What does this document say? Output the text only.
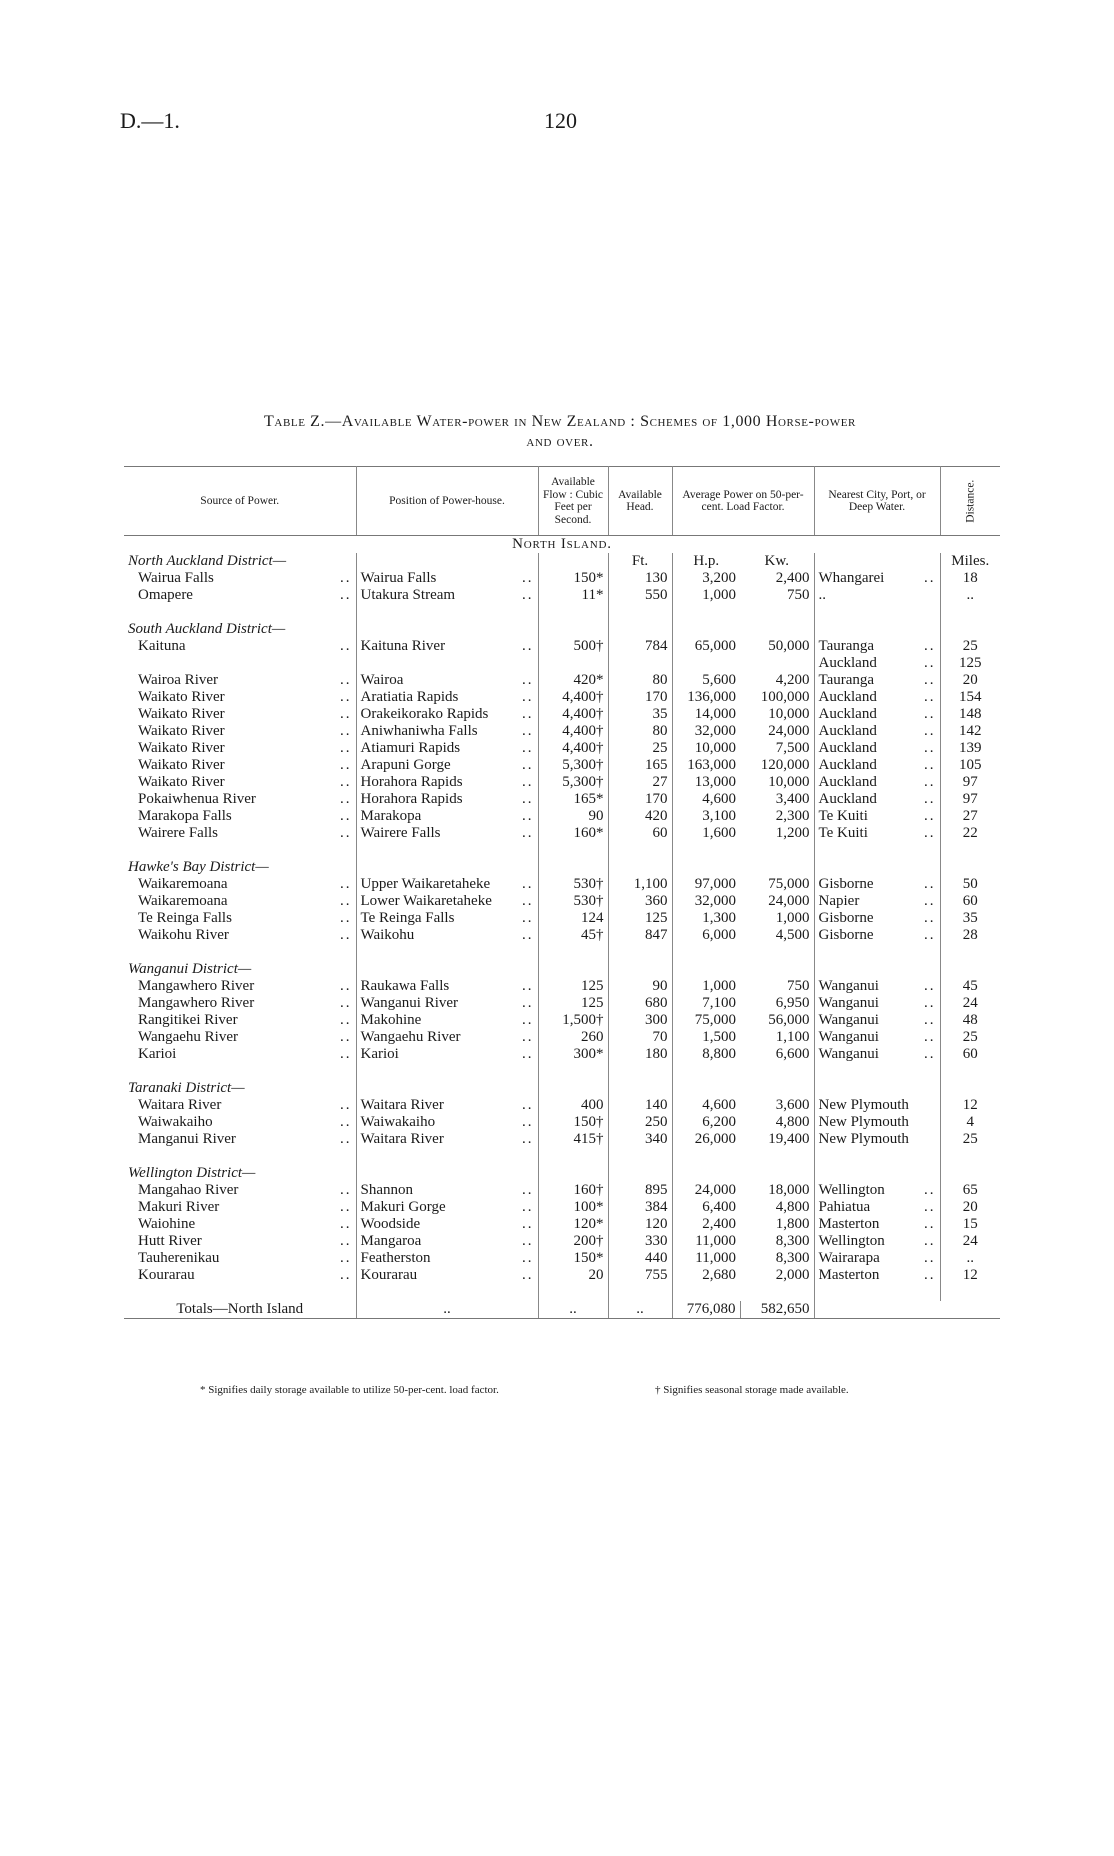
D.—1.	120
Table Z.—Available Water-power in New Zealand : Schemes of 1,000 Horse-power
and over.
Source of Power.	Position of Power-house.	Available Flow : Cubic Feet per Second.	Available Head.	Average Power on 50-per-cent. Load Factor.		Nearest City, Port, or Deep Water.	Distance.
North Island.							
North Auckland District—			Ft.	H.p.	Kw.		Miles.
Wairua Falls ..	Wairua Falls ..	150*	130	3,200	2,400	Whangarei ..	18
Omapere ..	Utakura Stream ..	11*	550	1,000	750	..	..

South Auckland District—							
Kaituna ..	Kaituna River ..	500†	784	65,000	50,000	Tauranga ..	25
						Auckland ..	125
Wairoa River ..	Wairoa ..	420*	80	5,600	4,200	Tauranga ..	20
Waikato River ..	Aratiatia Rapids ..	4,400†	170	136,000	100,000	Auckland ..	154
Waikato River ..	Orakeikorako Rapids ..	4,400†	35	14,000	10,000	Auckland ..	148
Waikato River ..	Aniwhaniwha Falls ..	4,400†	80	32,000	24,000	Auckland ..	142
Waikato River ..	Atiamuri Rapids ..	4,400†	25	10,000	7,500	Auckland ..	139
Waikato River ..	Arapuni Gorge ..	5,300†	165	163,000	120,000	Auckland ..	105
Waikato River ..	Horahora Rapids ..	5,300†	27	13,000	10,000	Auckland ..	97
Pokaiwhenua River ..	Horahora Rapids ..	165*	170	4,600	3,400	Auckland ..	97
Marakopa Falls ..	Marakopa ..	90	420	3,100	2,300	Te Kuiti ..	27
Wairere Falls ..	Wairere Falls ..	160*	60	1,600	1,200	Te Kuiti ..	22

Hawke's Bay District—							
Waikaremoana ..	Upper Waikaretaheke ..	530†	1,100	97,000	75,000	Gisborne ..	50
Waikaremoana ..	Lower Waikaretaheke ..	530†	360	32,000	24,000	Napier ..	60
Te Reinga Falls ..	Te Reinga Falls ..	124	125	1,300	1,000	Gisborne ..	35
Waikohu River ..	Waikohu ..	45†	847	6,000	4,500	Gisborne ..	28

Wanganui District—							
Mangawhero River ..	Raukawa Falls ..	125	90	1,000	750	Wanganui ..	45
Mangawhero River ..	Wanganui River ..	125	680	7,100	6,950	Wanganui ..	24
Rangitikei River ..	Makohine ..	1,500†	300	75,000	56,000	Wanganui ..	48
Wangaehu River ..	Wangaehu River ..	260	70	1,500	1,100	Wanganui ..	25
Karioi ..	Karioi ..	300*	180	8,800	6,600	Wanganui ..	60

Taranaki District—							
Waitara River ..	Waitara River ..	400	140	4,600	3,600	New Plymouth	12
Waiwakaiho ..	Waiwakaiho ..	150†	250	6,200	4,800	New Plymouth	4
Manganui River ..	Waitara River ..	415†	340	26,000	19,400	New Plymouth	25

Wellington District—							
Mangahao River ..	Shannon ..	160†	895	24,000	18,000	Wellington ..	65
Makuri River ..	Makuri Gorge ..	100*	384	6,400	4,800	Pahiatua ..	20
Waiohine ..	Woodside ..	120*	120	2,400	1,800	Masterton ..	15
Hutt River ..	Mangaroa ..	200†	330	11,000	8,300	Wellington ..	24
Tauherenikau ..	Featherston ..	150*	440	11,000	8,300	Wairarapa ..	..
Kourarau ..	Kourarau ..	20	755	2,680	2,000	Masterton ..	12

Totals—North Island	..	..	..	776,080	582,650		
* Signifies daily storage available to utilize 50-per-cent. load factor.	† Signifies seasonal storage made available.
